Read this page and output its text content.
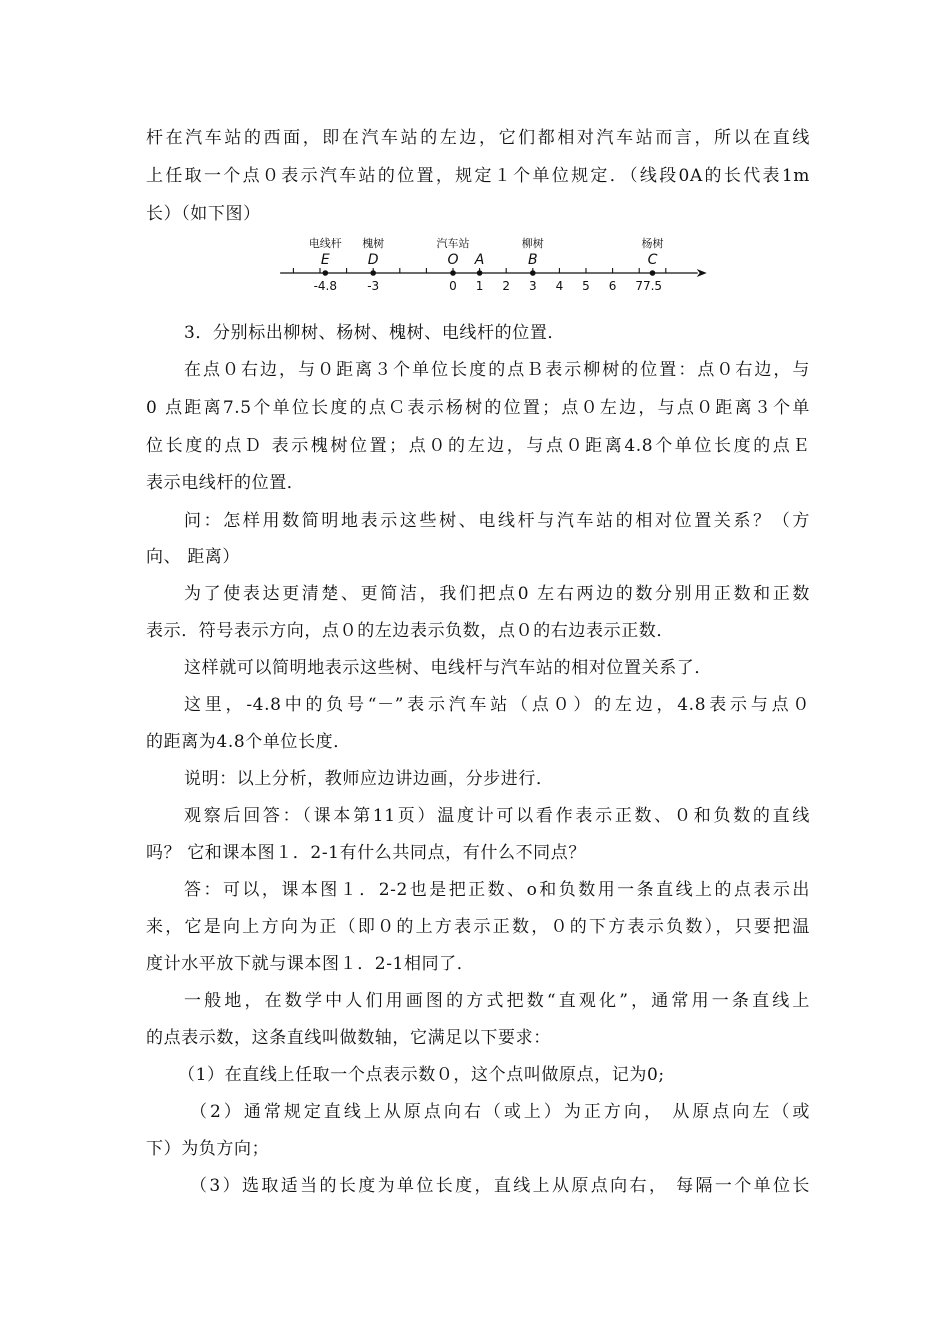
杆在汽车站的西面，即在汽车站的左边，它们都相对汽车站而言，所以在直线
上任取一个点０表示汽车站的位置，规定１个单位规定．（线段0A的长代表1m
长）（如下图）
1 2 3 4 5 6 7
E
电线杆
-4.8
D
槐树
-3
O
汽车站
0
A	B
柳树
C
杨树
7.5
3．分别标出柳树、杨树、槐树、电线杆的位置．
在点０右边，与０距离３个单位长度的点Ｂ表示柳树的位置：点０右边，与
0 点距离7.5个单位长度的点Ｃ表示杨树的位置；点０左边，与点０距离３个单
位长度的点Ｄ 表示槐树位置；点０的左边，与点０距离4.8个单位长度的点Ｅ
表示电线杆的位置．
问：怎样用数简明地表示这些树、电线杆与汽车站的相对位置关系？（方
向、 距离）
为了使表达更清楚、更简洁，我们把点0 左右两边的数分别用正数和正数
表示．符号表示方向，点０的左边表示负数，点０的右边表示正数．
这样就可以简明地表示这些树、电线杆与汽车站的相对位置关系了．
这里，-4.8中的负号“－”表示汽车站（点０）的左边，4.8表示与点０
的距离为4.8个单位长度．
说明：以上分析，教师应边讲边画，分步进行．
观察后回答：（课本第11页）温度计可以看作表示正数、０和负数的直线
吗？ 它和课本图１．2-1有什么共同点，有什么不同点？
答：可以，课本图１．2-2也是把正数、o和负数用一条直线上的点表示出
来，它是向上方向为正（即０的上方表示正数，０的下方表示负数），只要把温
度计水平放下就与课本图１．2-1相同了．
一般地，在数学中人们用画图的方式把数“直观化”，通常用一条直线上
的点表示数，这条直线叫做数轴，它满足以下要求：
（1）在直线上任取一个点表示数０，这个点叫做原点，记为0;
（2）通常规定直线上从原点向右（或上）为正方向， 从原点向左（或
下）为负方向；
（3）选取适当的长度为单位长度，直线上从原点向右， 每隔一个单位长
